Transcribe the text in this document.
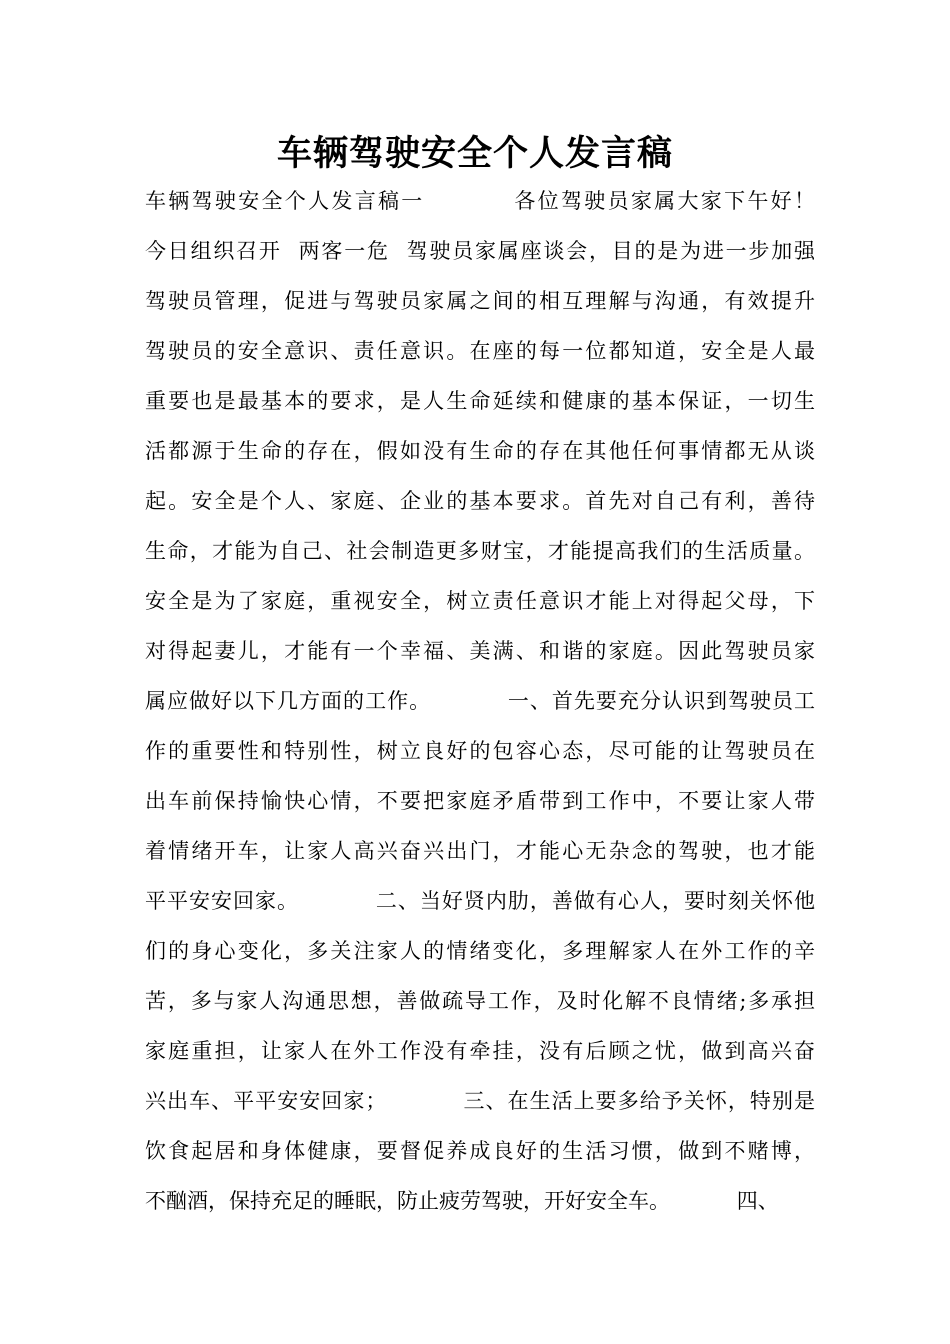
车辆驾驶安全个人发言稿
车辆驾驶安全个人发言稿一          各位驾驶员家属大家下午好！
今日组织召开  两客一危  驾驶员家属座谈会，目的是为进一步加强
驾驶员管理，促进与驾驶员家属之间的相互理解与沟通，有效提升
驾驶员的安全意识、责任意识。在座的每一位都知道，安全是人最
重要也是最基本的要求，是人生命延续和健康的基本保证，一切生
活都源于生命的存在，假如没有生命的存在其他任何事情都无从谈
起。安全是个人、家庭、企业的基本要求。首先对自己有利，善待
生命，才能为自己、社会制造更多财宝，才能提高我们的生活质量。
安全是为了家庭，重视安全，树立责任意识才能上对得起父母，下
对得起妻儿，才能有一个幸福、美满、和谐的家庭。因此驾驶员家
属应做好以下几方面的工作。          一、首先要充分认识到驾驶员工
作的重要性和特别性，树立良好的包容心态，尽可能的让驾驶员在
出车前保持愉快心情，不要把家庭矛盾带到工作中，不要让家人带
着情绪开车，让家人高兴奋兴出门，才能心无杂念的驾驶，也才能
平平安安回家。          二、当好贤内肋，善做有心人，要时刻关怀他
们的身心变化，多关注家人的情绪变化，多理解家人在外工作的辛
苦，多与家人沟通思想，善做疏导工作，及时化解不良情绪;多承担
家庭重担，让家人在外工作没有牵挂，没有后顾之忧，做到高兴奋
兴出车、平平安安回家；          三、在生活上要多给予关怀，特别是
饮食起居和身体健康，要督促养成良好的生活习惯，做到不赌博，
不酗酒，保持充足的睡眠，防止疲劳驾驶，开好安全车。          四、
